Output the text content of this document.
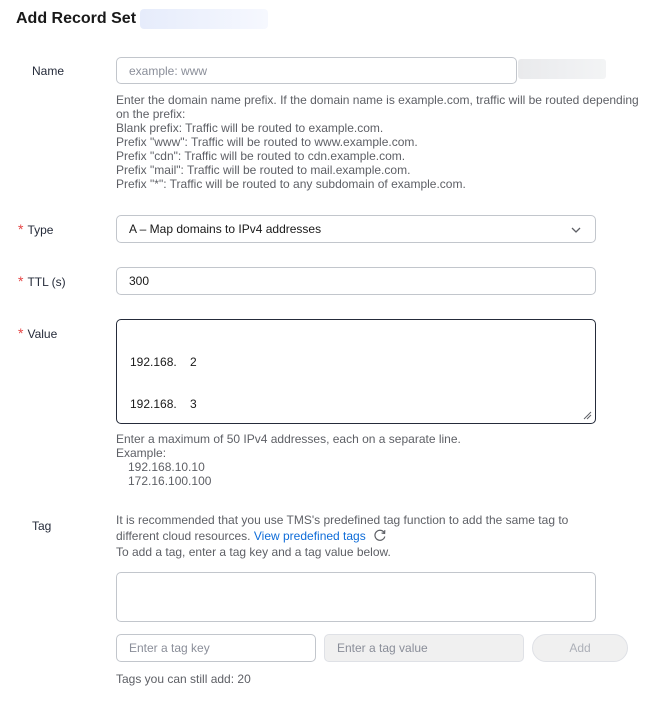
Add Record Set
Name	example: www

Enter the domain name prefix. If the domain name is example.com, traffic will be routed depending

on the prefix:

Blank prefix: Traffic will be routed to example.com.

Prefix "www": Traffic will be routed to www.example.com.

Prefix "cdn": Traffic will be routed to cdn.example.com.

Prefix "mail": Traffic will be routed to mail.example.com.

Prefix "*": Traffic will be routed to any subdomain of example.com.

* Type	A – Map domains to IPv4 addresses
* TTL (s)	300
* Value

192.168.    2

192.168.    3

Enter a maximum of 50 IPv4 addresses, each on a separate line.
Example:
192.168.10.10
172.16.100.100
Tag	It is recommended that you use TMS's predefined tag function to add the same tag to

different cloud resources. View predefined tags

To add a tag, enter a tag key and a tag value below.

Enter a tag key	Enter a tag value	Add
Tags you can still add: 20
